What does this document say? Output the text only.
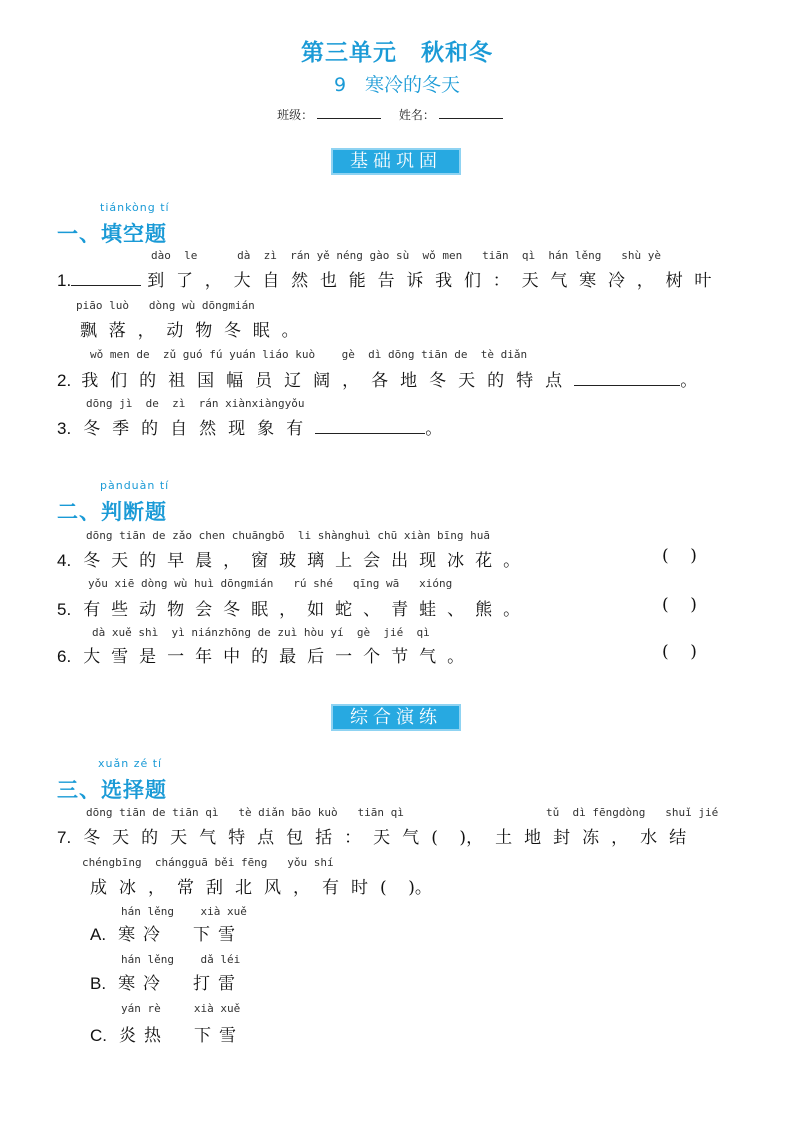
第三单元　秋和冬
9　寒冷的冬天
班级：	姓名：
基础巩固
tiánkòng tí
一、填空题
dào  le      dà  zì  rán yě néng gào sù  wǒ men   tiān  qì  hán lěng   shù yè
1.	到了，大自然也能告诉我们：天气寒冷，树叶
piāo luò   dòng wù dōngmián
飘落，动物冬眠。
wǒ men de  zǔ guó fú yuán liáo kuò    gè  dì dōng tiān de  tè diǎn
2. 我们的祖国幅员辽阔，各地冬天的特点	。
dōng jì  de  zì  rán xiànxiàngyǒu
3. 冬季的自然现象有	。
pànduàn tí
二、判断题
dōng tiān de zǎo chen chuāngbō  li shànghuì chū xiàn bīng huā
4. 冬天的早晨，窗玻璃上会出现冰花。	(    )
yǒu xiē dòng wù huì dōngmián   rú shé   qīng wā   xióng
5. 有些动物会冬眠，如蛇、青蛙、熊。	(    )
dà xuě shì  yì niánzhōng de zuì hòu yí  gè  jié  qì
6. 大雪是一年中的最后一个节气。	(    )
综合演练
xuǎn zé tí
三、选择题
dōng tiān de tiān qì   tè diǎn bāo kuò   tiān qì	tǔ  dì fēngdòng   shuǐ jié
7. 冬天的天气特点包括：天气(    )，土地封冻，水结
chéngbīng  chángguā běi fēng   yǒu shí
成冰，常刮北风，有时(    )。
hán lěng    xià xuě
A. 寒冷　下雪
hán lěng    dǎ léi
B. 寒冷　打雷
yán rè     xià xuě
C. 炎热　下雪
